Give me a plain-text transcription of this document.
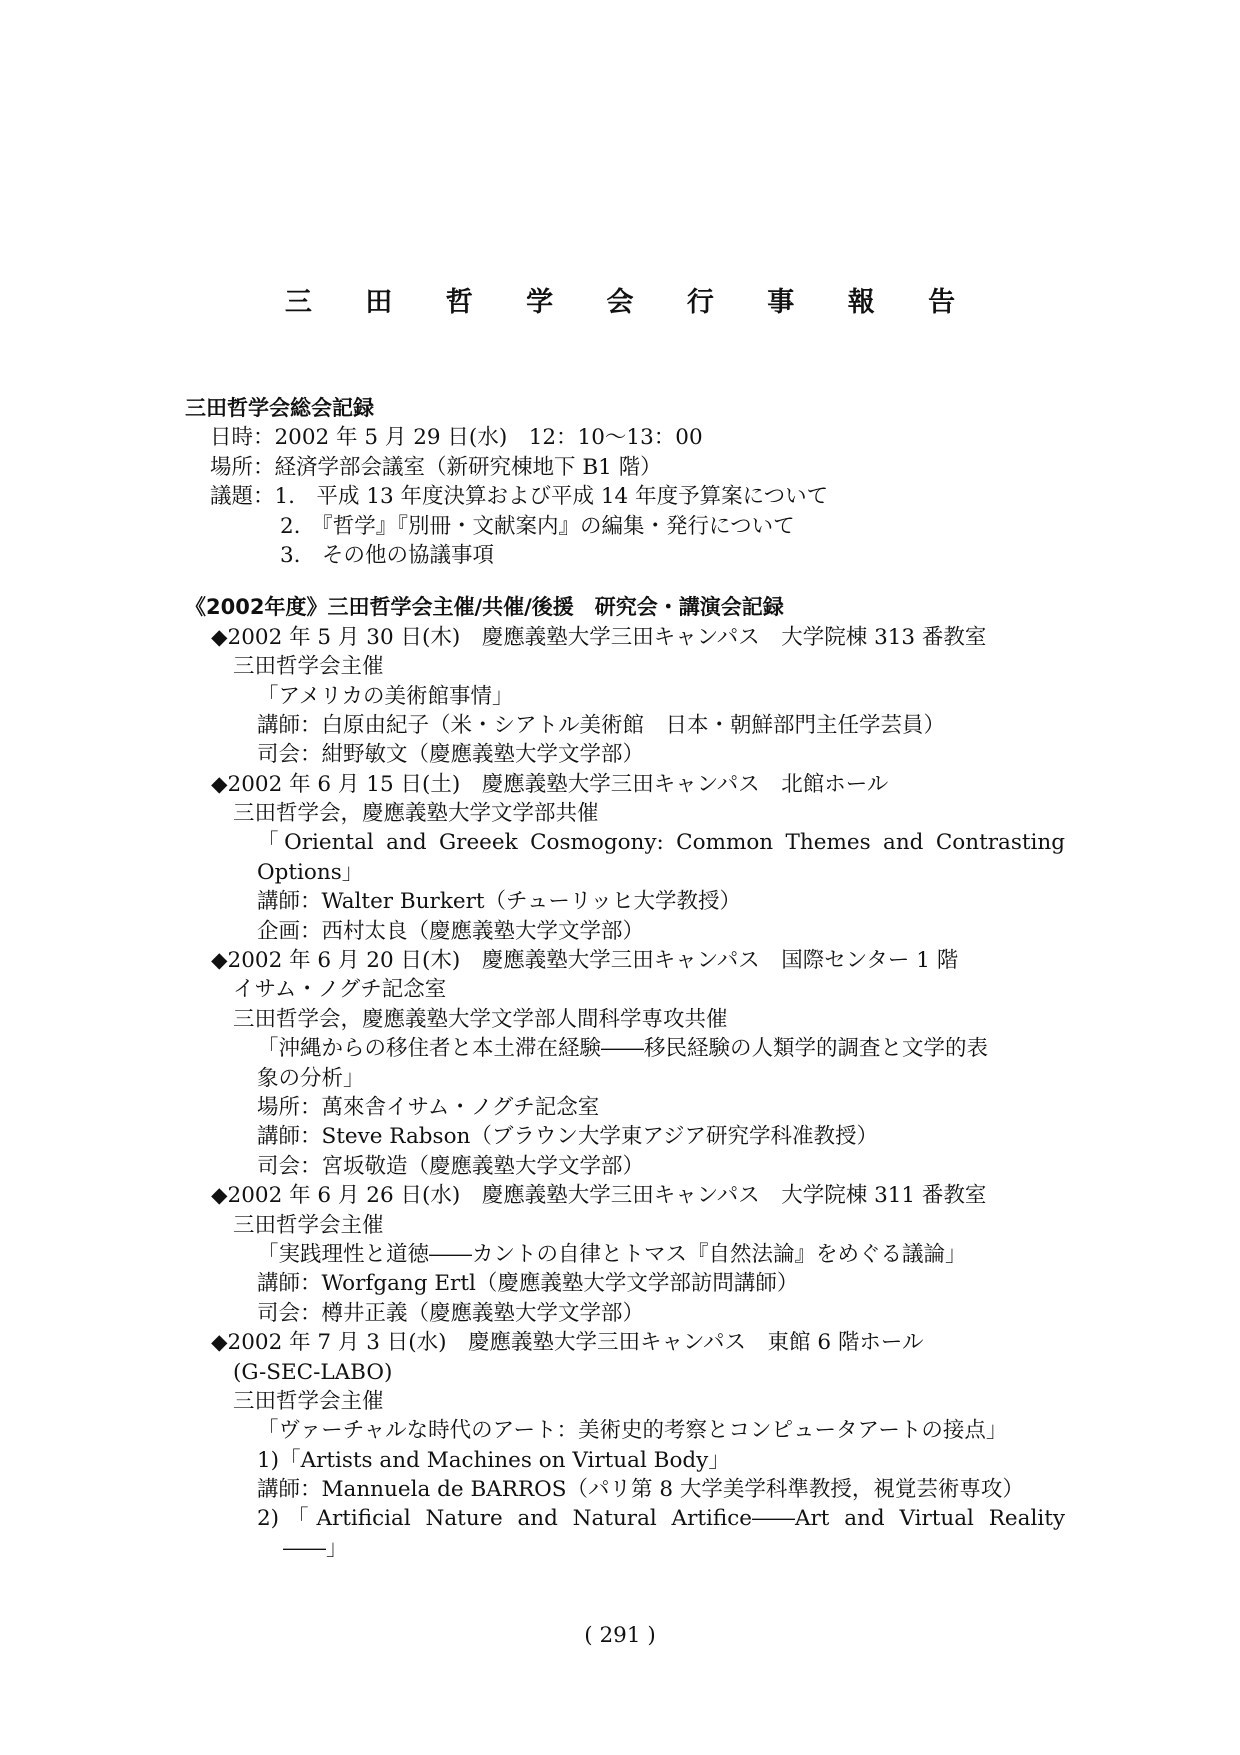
三 田 哲 学 会 行 事 報 告
三田哲学会総会記録
日時：2002 年 5 月 29 日(水)　12：10～13：00
場所：経済学部会議室（新研究棟地下 B1 階）
議題：1.　平成 13 年度決算および平成 14 年度予算案について
2.　『哲学』『別冊・文献案内』の編集・発行について
3.　その他の協議事項
《2002年度》三田哲学会主催/共催/後援　研究会・講演会記録
◆2002 年 5 月 30 日(木)　慶應義塾大学三田キャンパス　大学院棟 313 番教室
三田哲学会主催
「アメリカの美術館事情」
講師：白原由紀子（米・シアトル美術館　日本・朝鮮部門主任学芸員）
司会：紺野敏文（慶應義塾大学文学部）
◆2002 年 6 月 15 日(土)　慶應義塾大学三田キャンパス　北館ホール
三田哲学会，慶應義塾大学文学部共催
「Oriental and Greeek Cosmogony: Common Themes and Contrasting
Options」
講師：Walter Burkert（チューリッヒ大学教授）
企画：西村太良（慶應義塾大学文学部）
◆2002 年 6 月 20 日(木)　慶應義塾大学三田キャンパス　国際センター 1 階
イサム・ノグチ記念室
三田哲学会，慶應義塾大学文学部人間科学専攻共催
「沖縄からの移住者と本土滞在経験――移民経験の人類学的調査と文学的表
象の分析」
場所：萬來舎イサム・ノグチ記念室
講師：Steve Rabson（ブラウン大学東アジア研究学科准教授）
司会：宮坂敬造（慶應義塾大学文学部）
◆2002 年 6 月 26 日(水)　慶應義塾大学三田キャンパス　大学院棟 311 番教室
三田哲学会主催
「実践理性と道徳――カントの自律とトマス『自然法論』をめぐる議論」
講師：Worfgang Ertl（慶應義塾大学文学部訪問講師）
司会：樽井正義（慶應義塾大学文学部）
◆2002 年 7 月 3 日(水)　慶應義塾大学三田キャンパス　東館 6 階ホール
(G-SEC-LABO)
三田哲学会主催
「ヴァーチャルな時代のアート：美術史的考察とコンピュータアートの接点」
1)「Artists and Machines on Virtual Body」
講師：Mannuela de BARROS（パリ第 8 大学美学科準教授，視覚芸術専攻）
2)「Artificial Nature and Natural Artifice――Art and Virtual Reality
――」
( 291 )
